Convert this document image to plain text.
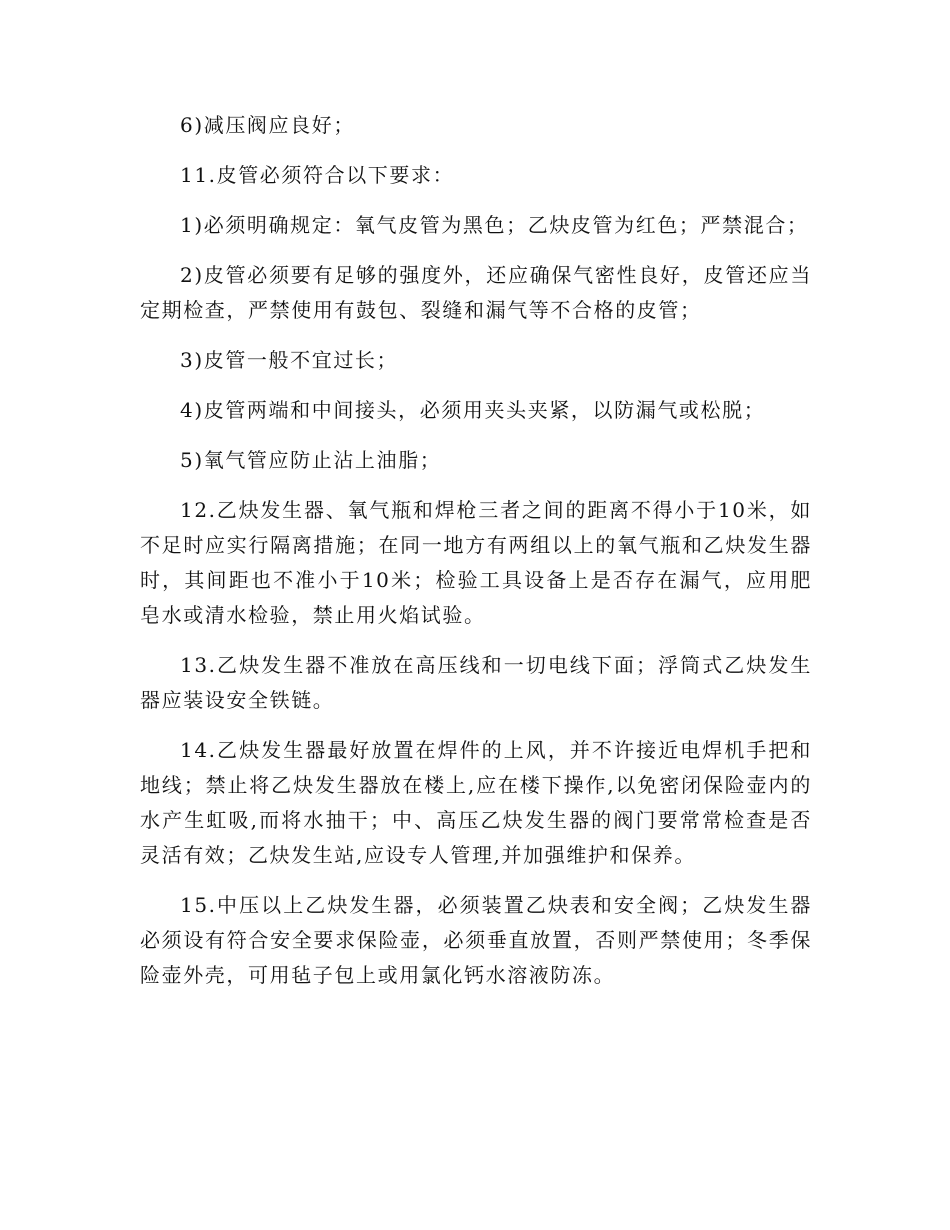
6)减压阀应良好；

11.皮管必须符合以下要求：

1)必须明确规定：氧气皮管为黑色；乙炔皮管为红色；严禁混合；

2)皮管必须要有足够的强度外，还应确保气密性良好，皮管还应当定期检查，严禁使用有鼓包、裂缝和漏气等不合格的皮管；

3)皮管一般不宜过长；

4)皮管两端和中间接头，必须用夹头夹紧，以防漏气或松脱；

5)氧气管应防止沾上油脂；

12.乙炔发生器、氧气瓶和焊枪三者之间的距离不得小于10米，如不足时应实行隔离措施；在同一地方有两组以上的氧气瓶和乙炔发生器时，其间距也不准小于10米；检验工具设备上是否存在漏气，应用肥皂水或清水检验，禁止用火焰试验。

13.乙炔发生器不准放在高压线和一切电线下面；浮筒式乙炔发生器应装设安全铁链。

14.乙炔发生器最好放置在焊件的上风，并不许接近电焊机手把和地线；禁止将乙炔发生器放在楼上,应在楼下操作,以免密闭保险壶内的水产生虹吸,而将水抽干；中、高压乙炔发生器的阀门要常常检查是否灵活有效；乙炔发生站,应设专人管理,并加强维护和保养。

15.中压以上乙炔发生器，必须装置乙炔表和安全阀；乙炔发生器必须设有符合安全要求保险壶，必须垂直放置，否则严禁使用；冬季保险壶外壳，可用毡子包上或用氯化钙水溶液防冻。
